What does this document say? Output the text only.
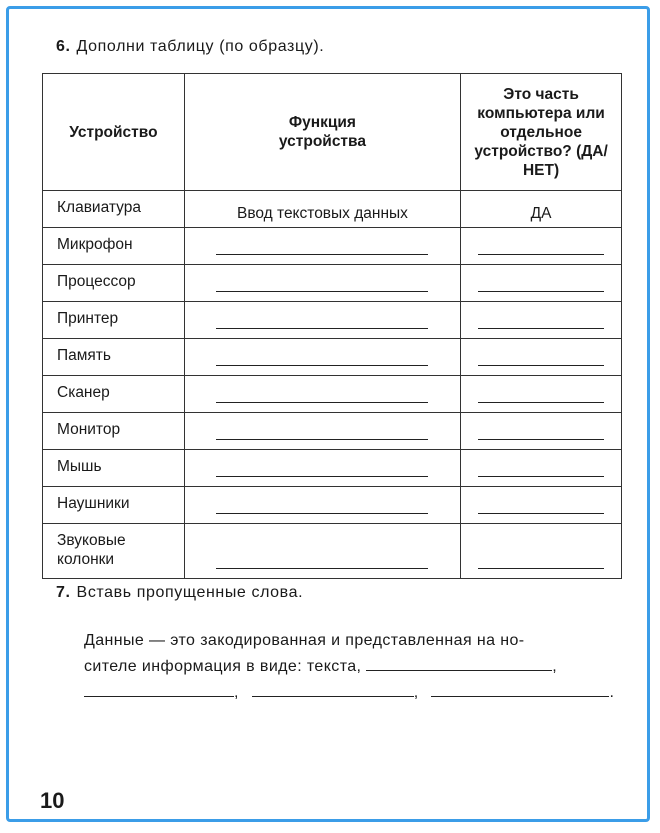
6. Дополни таблицу (по образцу).
Устройство	Функция устройства	Это часть компьютера или отдельное устройство? (ДА/НЕТ)

Клавиатура	Ввод текстовых данных	ДА
Микрофон		
Процессор		
Принтер		
Память		
Сканер		
Монитор		
Мышь		
Наушники		

Звуковые колонки		

7. Вставь пропущенные слова.
Данные — это закодированная и представленная на но-
сителе информация в виде: текста,	,
,	,	.
10
